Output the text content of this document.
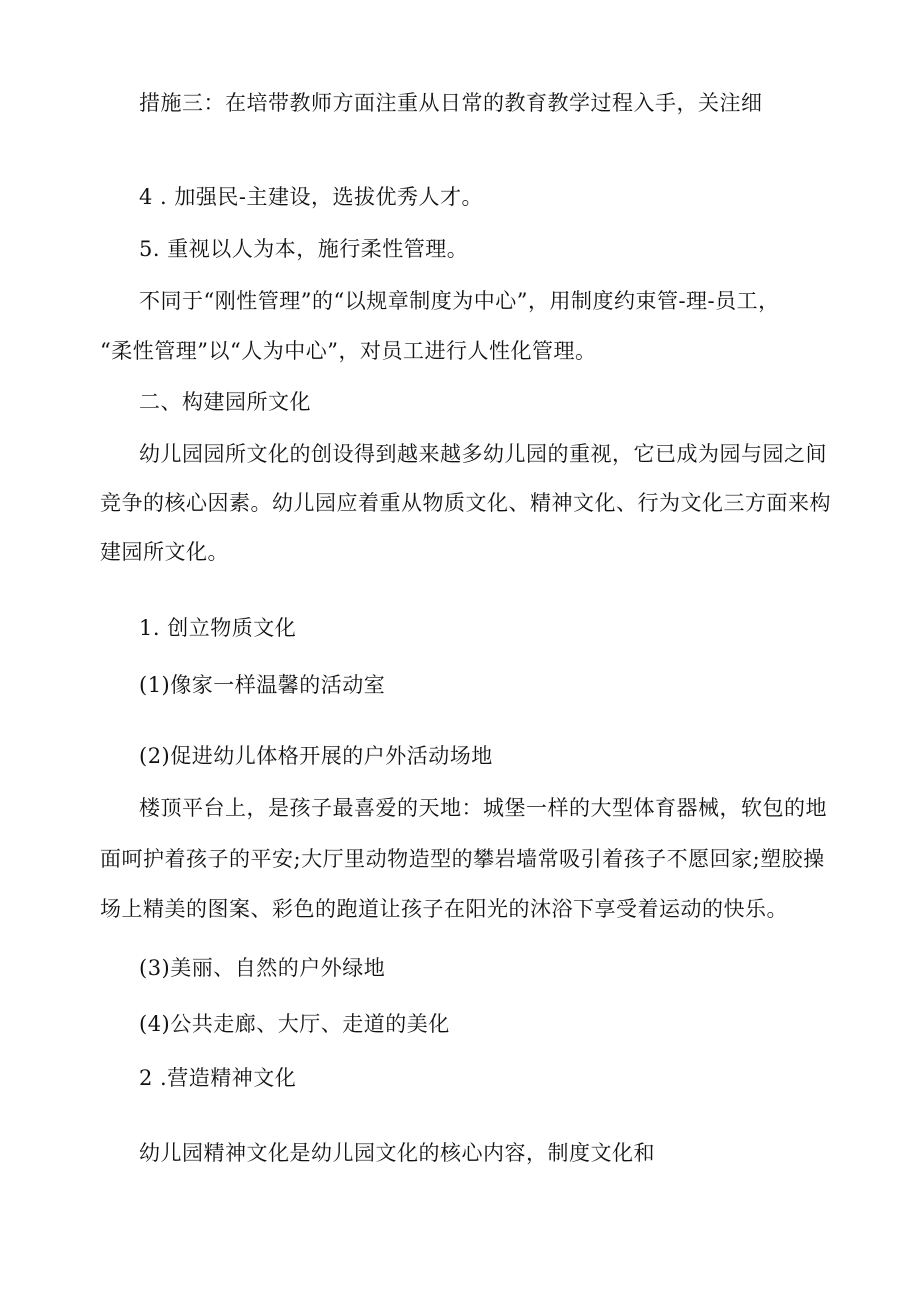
措施三：在培带教师方面注重从日常的教育教学过程入手，关注细

4 . 加强民-主建设，选拔优秀人才。

5. 重视以人为本，施行柔性管理。

不同于“刚性管理”的“以规章制度为中心”，用制度约束管-理-员工，

“柔性管理”以“人为中心”，对员工进行人性化管理。

二、构建园所文化

幼儿园园所文化的创设得到越来越多幼儿园的重视，它已成为园与园之间

竞争的核心因素。幼儿园应着重从物质文化、精神文化、行为文化三方面来构

建园所文化。

1. 创立物质文化

(1)像家一样温馨的活动室

(2)促进幼儿体格开展的户外活动场地

楼顶平台上，是孩子最喜爱的天地：城堡一样的大型体育器械，软包的地

面呵护着孩子的平安;大厅里动物造型的攀岩墙常吸引着孩子不愿回家;塑胶操

场上精美的图案、彩色的跑道让孩子在阳光的沐浴下享受着运动的快乐。

(3)美丽、自然的户外绿地

(4)公共走廊、大厅、走道的美化

2 .营造精神文化

幼儿园精神文化是幼儿园文化的核心内容，制度文化和
